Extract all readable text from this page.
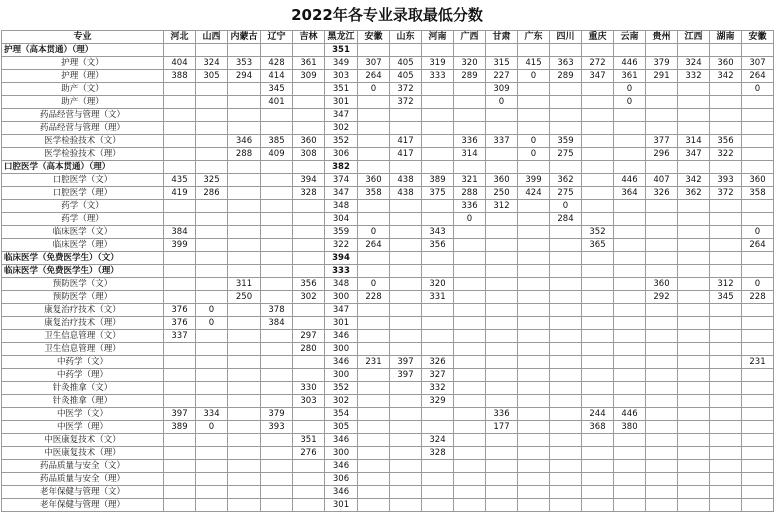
2022年各专业录取最低分数
专业	河北	山西	内蒙古	辽宁	吉林	黑龙江	安徽	山东	河南	广西	甘肃	广东	四川	重庆	云南	贵州	江西	湖南	安徽
护理（高本贯通）（理）						351													
护理（文）	404	324	353	428	361	349	307	405	319	320	315	415	363	272	446	379	324	360	307
护理（理）	388	305	294	414	309	303	264	405	333	289	227	0	289	347	361	291	332	342	264
助产（文）				345		351	0	372			309				0				0
助产（理）				401		301		372			0				0				
药品经营与管理（文）						347													
药品经营与管理（理）						302													
医学检验技术（文）			346	385	360	352		417		336	337	0	359			377	314	356	
医学检验技术（理）			288	409	308	306		417		314		0	275			296	347	322	
口腔医学（高本贯通）（理）						382													
口腔医学（文）	435	325			394	374	360	438	389	321	360	399	362		446	407	342	393	360
口腔医学（理）	419	286			328	347	358	438	375	288	250	424	275		364	326	362	372	358
药学（文）						348				336	312		0						
药学（理）						304				0			284						
临床医学（文）	384					359	0		343					352					0
临床医学（理）	399					322	264		356					365					264
临床医学（免费医学生）（文）						394													
临床医学（免费医学生）（理）						333													
预防医学（文）			311		356	348	0		320							360		312	0
预防医学（理）			250		302	300	228		331							292		345	228
康复治疗技术（文）	376	0		378		347													
康复治疗技术（理）	376	0		384		301													
卫生信息管理（文）	337				297	346													
卫生信息管理（理）					280	300													
中药学（文）						346	231	397	326										231
中药学（理）						300		397	327										
针灸推拿（文）					330	352			332										
针灸推拿（理）					303	302			329										
中医学（文）	397	334		379		354					336			244	446				
中医学（理）	389	0		393		305					177			368	380				
中医康复技术（文）					351	346			324										
中医康复技术（理）					276	300			328										
药品质量与安全（文）						346													
药品质量与安全（理）						306													
老年保健与管理（文）						346													
老年保健与管理（理）						301													
